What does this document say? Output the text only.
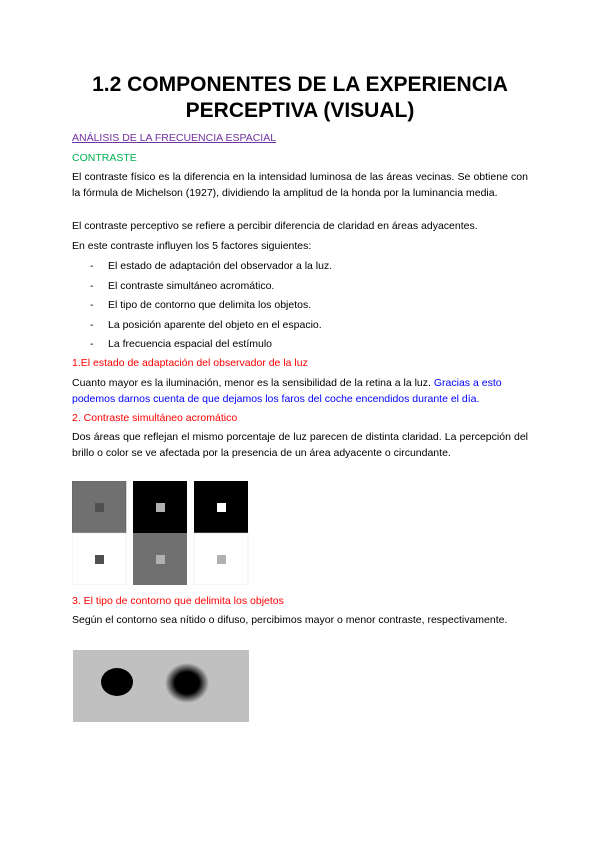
1.2 COMPONENTES DE LA EXPERIENCIA
PERCEPTIVA (VISUAL)
ANÁLISIS DE LA FRECUENCIA ESPACIAL
CONTRASTE

El contraste físico es la diferencia en la intensidad luminosa de las áreas vecinas. Se obtiene con la fórmula de Michelson (1927), dividiendo la amplitud de la honda por la luminancia media.

El contraste perceptivo se refiere a percibir diferencia de claridad en áreas adyacentes.

En este contraste influyen los 5 factores siguientes:

- El estado de adaptación del observador a la luz.
- El contraste simultáneo acromático.
- El tipo de contorno que delimita los objetos.
- La posición aparente del objeto en el espacio.
- La frecuencia espacial del estímulo
1.El estado de adaptación del observador de la luz

Cuanto mayor es la iluminación, menor es la sensibilidad de la retina a la luz. Gracias a esto podemos darnos cuenta de que dejamos los faros del coche encendidos durante el día.

2. Contraste simultáneo acromático

Dos áreas que reflejan el mismo porcentaje de luz parecen de distinta claridad. La percepción del brillo o color se ve afectada por la presencia de un área adyacente o circundante.

3. El tipo de contorno que delimita los objetos

Según el contorno sea nítido o difuso, percibimos mayor o menor contraste, respectivamente.
